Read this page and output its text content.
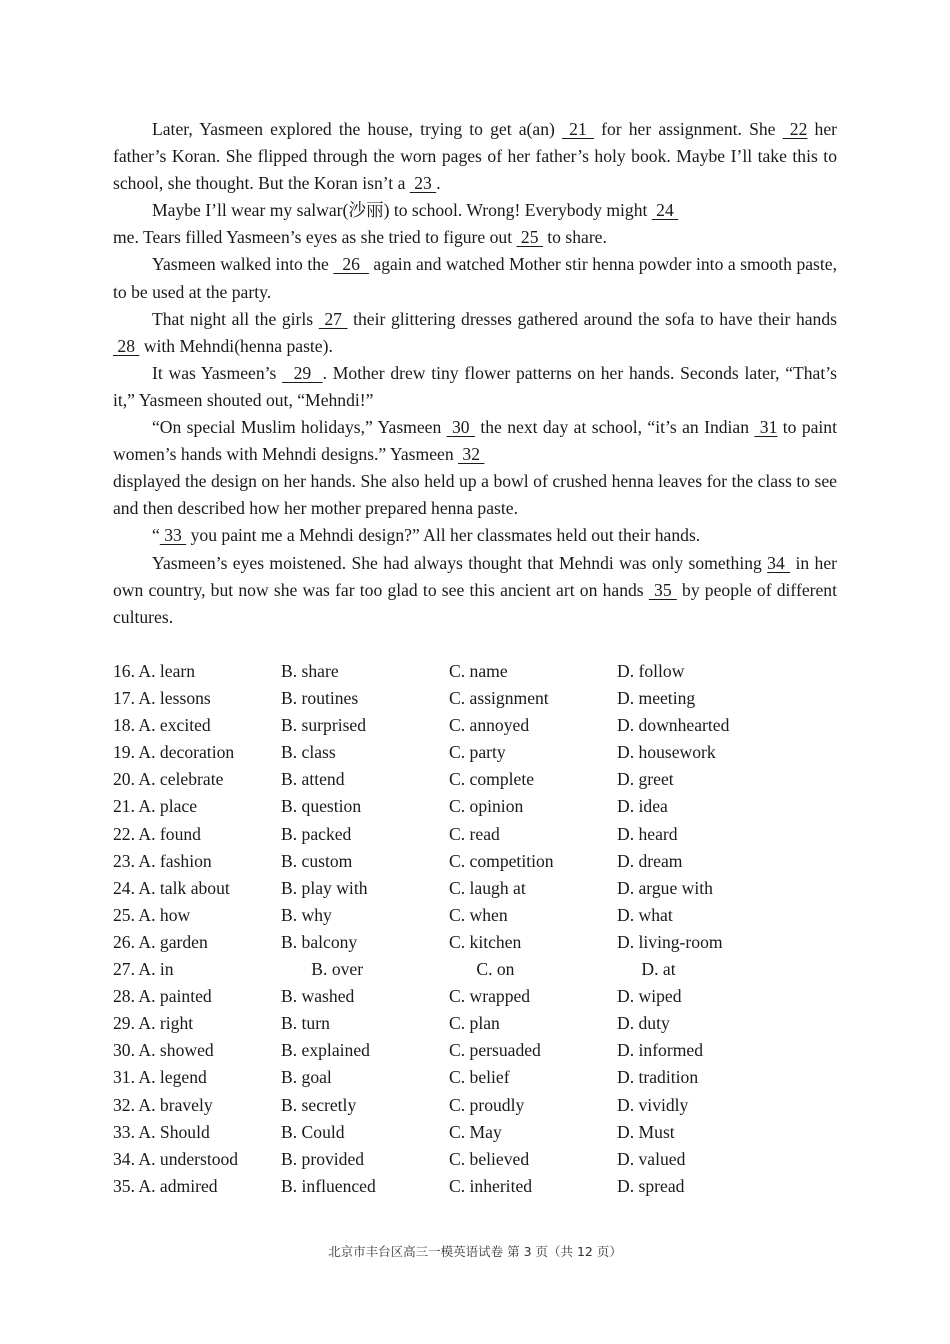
Later, Yasmeen explored the house, trying to get a(an)  21  for her assignment. She  22 her father’s Koran. She flipped through the worn pages of her father’s holy book. Maybe I’ll take this to school, she thought. But the Koran isn’t a  23 .

Maybe I’ll wear my salwar(沙丽) to school. Wrong! Everybody might  24

me. Tears filled Yasmeen’s eyes as she tried to figure out  25  to share.

Yasmeen walked into the   26   again and watched Mother stir henna powder into a smooth paste, to be used at the party.

That night all the girls  27  their glittering dresses gathered around the sofa to have their hands  28  with Mehndi(henna paste).

It was Yasmeen’s   29  . Mother drew tiny flower patterns on her hands. Seconds later, “That’s it,” Yasmeen shouted out, “Mehndi!”

“On special Muslim holidays,” Yasmeen  30  the next day at school, “it’s an Indian  31 to paint women’s hands with Mehndi designs.” Yasmeen  32

displayed the design on her hands. She also held up a bowl of crushed henna leaves for the class to see and then described how her mother prepared henna paste.

“ 33  you paint me a Mehndi design?” All her classmates held out their hands.

Yasmeen’s eyes moistened. She had always thought that Mehndi was only something 34  in her own country, but now she was far too glad to see this ancient art on hands  35  by people of different cultures.

16. A. learn	B. share	C. name	D. follow
17. A. lessons	B. routines	C. assignment	D. meeting
18. A. excited	B. surprised	C. annoyed	D. downhearted
19. A. decoration	B. class	C. party	D. housework
20. A. celebrate	B. attend	C. complete	D. greet
21. A. place	B. question	C. opinion	D. idea
22. A. found	B. packed	C. read	D. heard
23. A. fashion	B. custom	C. competition	D. dream
24. A. talk about	B. play with	C. laugh at	D. argue with
25. A. how	B. why	C. when	D. what
26. A. garden	B. balcony	C. kitchen	D. living-room
27. A. in	B. over	C. on	D. at
28. A. painted	B. washed	C. wrapped	D. wiped
29. A. right	B. turn	C. plan	D. duty
30. A. showed	B. explained	C. persuaded	D. informed
31. A. legend	B. goal	C. belief	D. tradition
32. A. bravely	B. secretly	C. proudly	D. vividly
33. A. Should	B. Could	C. May	D. Must
34. A. understood	B. provided	C. believed	D. valued
35. A. admired	B. influenced	C. inherited	D. spread
北京市丰台区高三一模英语试卷 第 3 页（共 12 页）
